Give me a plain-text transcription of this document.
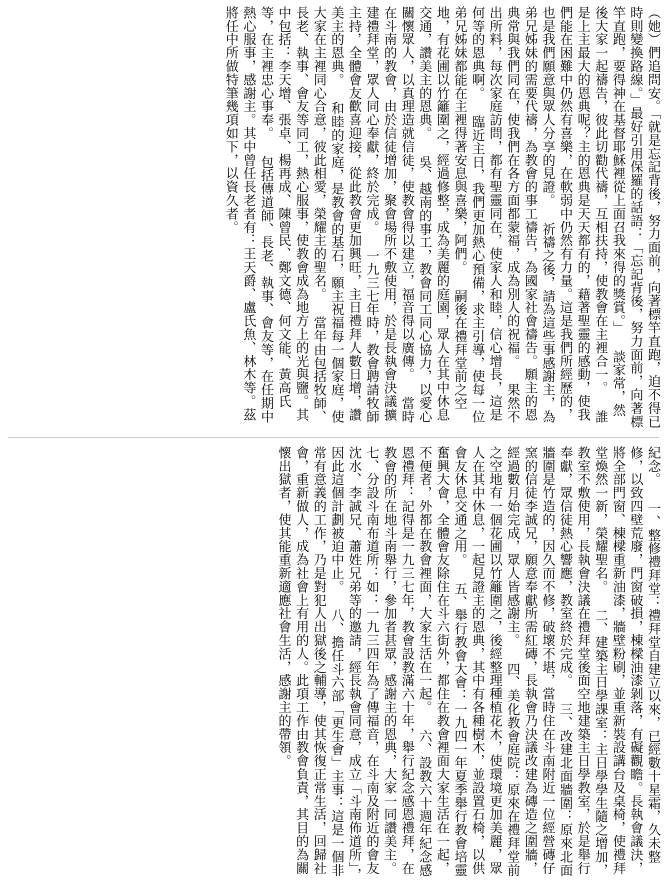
（她）們追問安。「就是忘記背後，努力面前，向著標竿直跑，迫不得已時則變換路線。」最好引用保羅的話語：「忘記背後，努力面前，向著標竿直跑，要得神在基督耶穌裡從上面召我來得的獎賞。」 談家常，然後大家一起禱告，彼此切勸代禱，互相扶持，使教會在主裡合一。 誰是上主最大的恩典呢？主的恩典是天天都有的，藉著聖靈的感動，使我們能在困難中仍然有喜樂，在軟弱中仍然有力量。這是我們所經歷的，也是我們願意與眾人分享的見證。 祈禱之後，請為這些事感謝主，為弟兄姊妹的需要代禱，為教會的事工禱告，為國家社會禱告。願主的恩典常與我們同在，使我們在各方面都蒙福，成為別人的祝福。 果然不出所料，每次家庭訪問，都有聖靈同在，使家人和睦，信心增長，這是何等的恩典啊。 臨近主日，我們更加熱心預備，求主引導，使每一位弟兄姊妹都能在主裡得著安息與喜樂，阿們。 嗣後在禮拜堂前之空地，有花圃以竹籬圍之，經過修整，成為美麗的庭園，眾人在其中休息交通，讚美主的恩典。 吳、越南的事工，教會同工同心協力，以愛心關懷眾人，以真理造就信徒，使教會得以建立，福音得以廣傳。 當時在斗南的教會，由於信徒增加，聚會場所不敷使用，於是長執會決議擴建禮拜堂，眾人同心奉獻，終於完成。 一九三七年時，教會聘請牧師主持，全體會友歡喜迎接，從此教會更加興旺，主日禮拜人數日增，讚美主的恩典。 和睦的家庭，是教會的基石，願主祝福每一個家庭，使大家在主裡同心合意，彼此相愛，榮耀主的聖名。 當年由包括牧師、長老、執事、會友等同工，熱心服事，使教會成為地方上的光與鹽。其中包括：李天增、張卓、楊再成、陳曾民、鄭文德、何文能、黃高氏等，在主裡忠心事奉。 包括傳道師、長老、執事、會友等，在任期中熱心服事，感謝主。其中曾任長老者有：王天爵、盧氏魚、林木等。茲將任中所做特筆幾項如下，以資久者。
紀念。 一、整修禮拜堂：禮拜堂自建立以來，已經數十星霜，久未整修，以致四壁荒廢，門窗破損，棟樑油漆剝落，有礙觀瞻。長執會議決，將全部門窗、棟樑重新油漆，牆壁粉刷，並重新裝設講台及桌椅，使禮拜堂煥然一新，榮耀聖名。 二、建築主日學課室：主日學學生隨之增加，教室不敷使用，長執會決議在禮拜堂後面空地建築主日學教室，於是舉行奉獻，眾信徒熱心響應，教室終於完成。 三、改建北面牆圍：原來北面牆圍是竹造的，因久而不修，破壞不堪，當時住在斗南附近一位經營磚仔窯的信徒李誠兄，願意奉獻所需紅磚，長執會乃決議改建為磚造之圍牆，經過數月始完成，眾人皆感謝主。 四、美化教會庭院：原來在禮拜堂前之空地有一個花圃以竹籬圍之，後經整理種植花木，使環境更加美麗，眾人在其中休息，一起見證主的恩典，其中有各種樹木，並設置石椅，以供會友休息交通之用。 五、舉行教會大會：一九四一年夏季舉行教會培靈奮興大會，全體會友除住在斗六街外，都住在教會裡面大家生活在一起，不便者，外都在教會裡面，大家生活在一起。 六、設教六十週年紀念感恩禮拜：記得是一九三七年，教會設教滿六十年，舉行紀念感恩禮拜，在教會的所在地斗南舉行，參加者甚眾，感謝主的恩典，大家一同讚美主。 七、分設斗南布道所：如：一九三四年為了傳福音，在斗南及附近的會友沈水、李誠兄、蕭姓兄弟等的邀請，經長執會同意，成立「斗南佈道所」，因此這個計劃被迫中止。 八、擔任斗六部「更生會」主事：這是一個非常有意義的工作，乃是對犯人出獄後之輔導，使其恢復正常生活，回歸社會，重新做人，成為社會上有用的人。此項工作由教會負責，其目的為關懷出獄者，使其能重新適應社會生活，感謝主的帶領。
